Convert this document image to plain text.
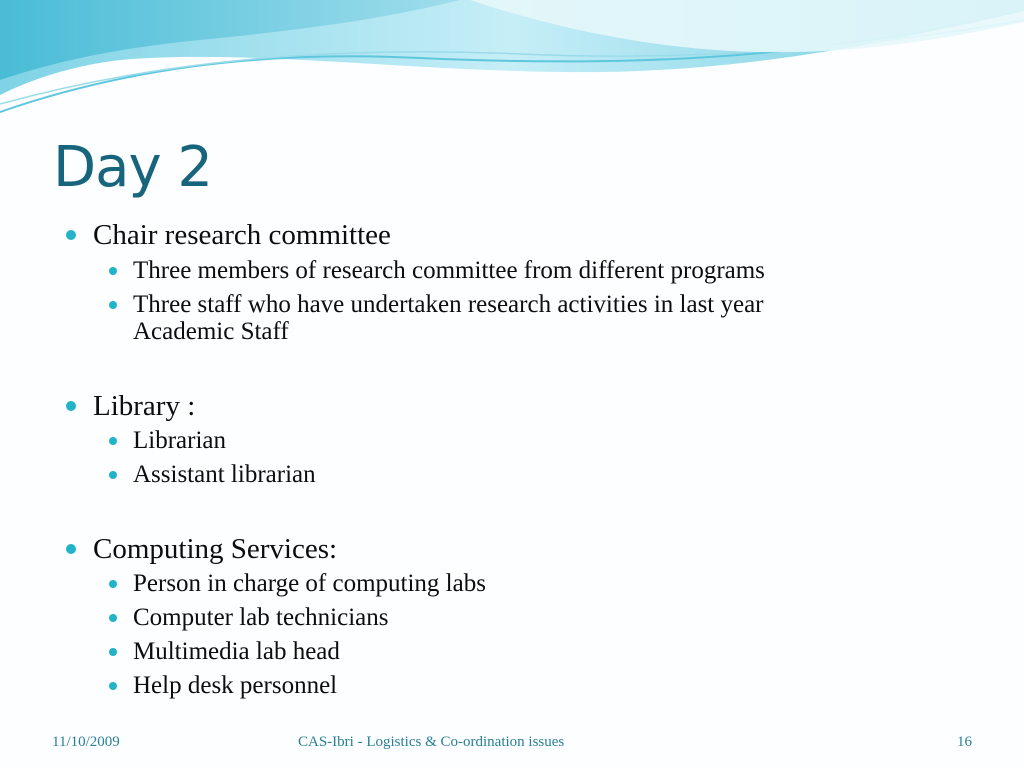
Day 2
Chair research committee
Three members of research committee from different programs
Three staff who have undertaken research activities in last year
Academic Staff
Library :
Librarian
Assistant librarian
Computing Services:
Person in charge of computing labs
Computer lab technicians
Multimedia lab head
Help desk personnel
11/10/2009	CAS-Ibri - Logistics & Co-ordination issues	16
